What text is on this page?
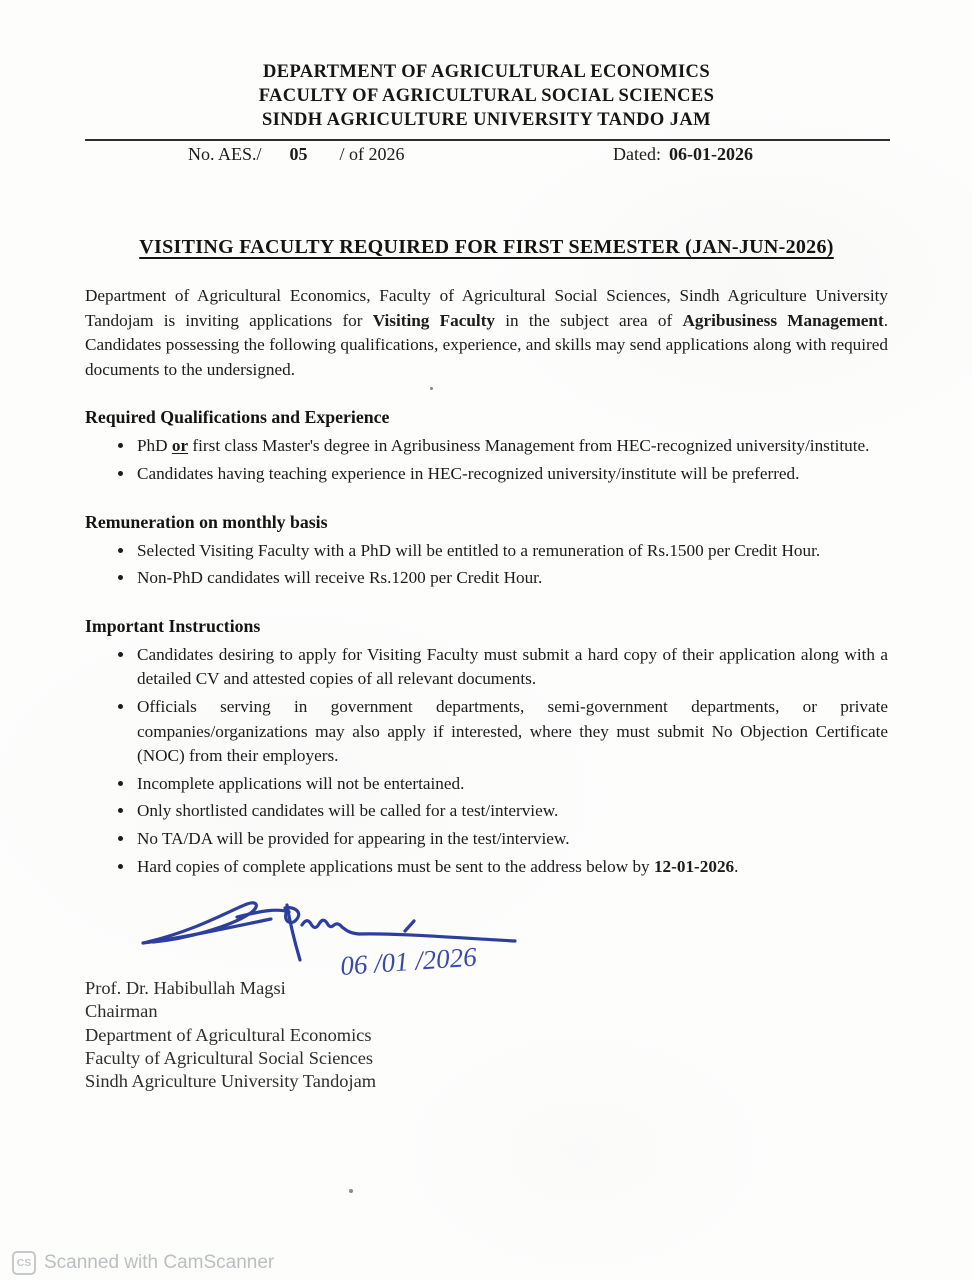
DEPARTMENT OF AGRICULTURAL ECONOMICS
FACULTY OF AGRICULTURAL SOCIAL SCIENCES
SINDH AGRICULTURE UNIVERSITY TANDO JAM
No. AES./ 05 / of 2026	Dated: 06-01-2026
VISITING FACULTY REQUIRED FOR FIRST SEMESTER (JAN-JUN-2026)

Department of Agricultural Economics, Faculty of Agricultural Social Sciences, Sindh Agriculture University Tandojam is inviting applications for Visiting Faculty in the subject area of Agribusiness Management. Candidates possessing the following qualifications, experience, and skills may send applications along with required documents to the undersigned.

Required Qualifications and Experience
• PhD or first class Master's degree in Agribusiness Management from HEC-recognized university/institute.
• Candidates having teaching experience in HEC-recognized university/institute will be preferred.
Remuneration on monthly basis
• Selected Visiting Faculty with a PhD will be entitled to a remuneration of Rs.1500 per Credit Hour.
• Non-PhD candidates will receive Rs.1200 per Credit Hour.
Important Instructions
• Candidates desiring to apply for Visiting Faculty must submit a hard copy of their application along with a detailed CV and attested copies of all relevant documents.
• Officials serving in government departments, semi-government departments, or private companies/organizations may also apply if interested, where they must submit No Objection Certificate (NOC) from their employers.
• Incomplete applications will not be entertained.
• Only shortlisted candidates will be called for a test/interview.
• No TA/DA will be provided for appearing in the test/interview.
• Hard copies of complete applications must be sent to the address below by 12-01-2026.
06 /01 /2026
Prof. Dr. Habibullah Magsi
Chairman
Department of Agricultural Economics
Faculty of Agricultural Social Sciences
Sindh Agriculture University Tandojam
CS Scanned with CamScanner
